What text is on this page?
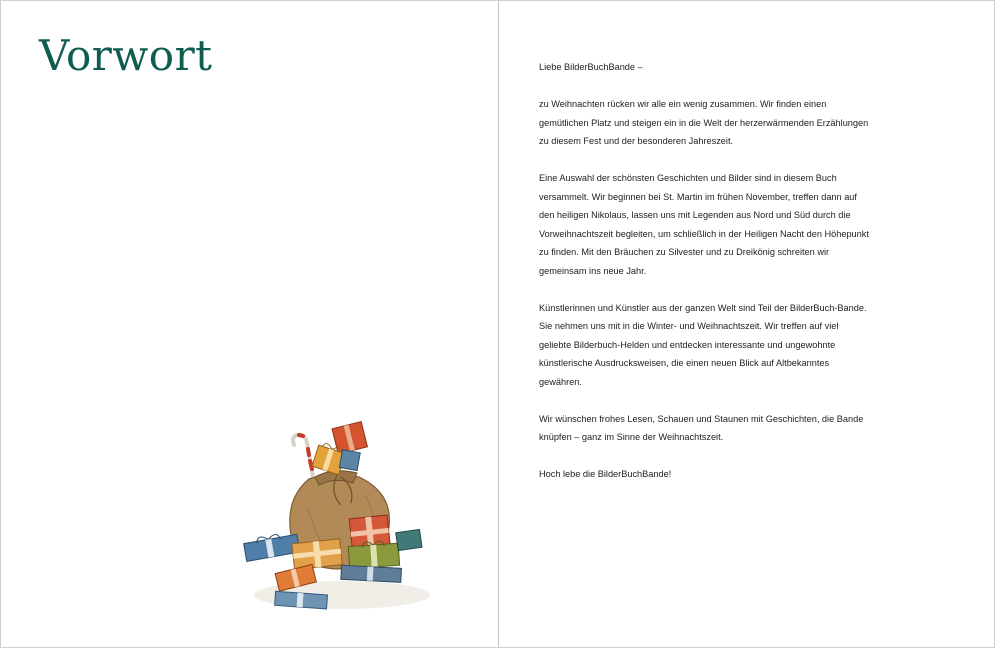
Vorwort	Liebe BilderBuchBande –

zu Weihnachten rücken wir alle ein wenig zusammen. Wir finden einen gemütlichen Platz und steigen ein in die Welt der herzerwärmenden Erzählungen zu diesem Fest und der besonderen Jahreszeit.

Eine Auswahl der schönsten Geschichten und Bilder sind in diesem Buch versammelt. Wir beginnen bei St. Martin im frühen November, treffen dann auf den heiligen Nikolaus, lassen uns mit Legenden aus Nord und Süd durch die Vorweihnachtszeit begleiten, um schließlich in der Heiligen Nacht den Höhepunkt zu finden. Mit den Bräuchen zu Silvester und zu Dreikönig schreiten wir gemeinsam ins neue Jahr.

Künstlerinnen und Künstler aus der ganzen Welt sind Teil der BilderBuch-Bande. Sie nehmen uns mit in die Winter- und Weihnachtszeit. Wir treffen auf viel geliebte Bilderbuch-Helden und entdecken interessante und ungewohnte künstlerische Ausdrucksweisen, die einen neuen Blick auf Altbekanntes gewähren.

Wir wünschen frohes Lesen, Schauen und Staunen mit Geschichten, die Bande knüpfen – ganz im Sinne der Weihnachtszeit.

Hoch lebe die BilderBuchBande!
